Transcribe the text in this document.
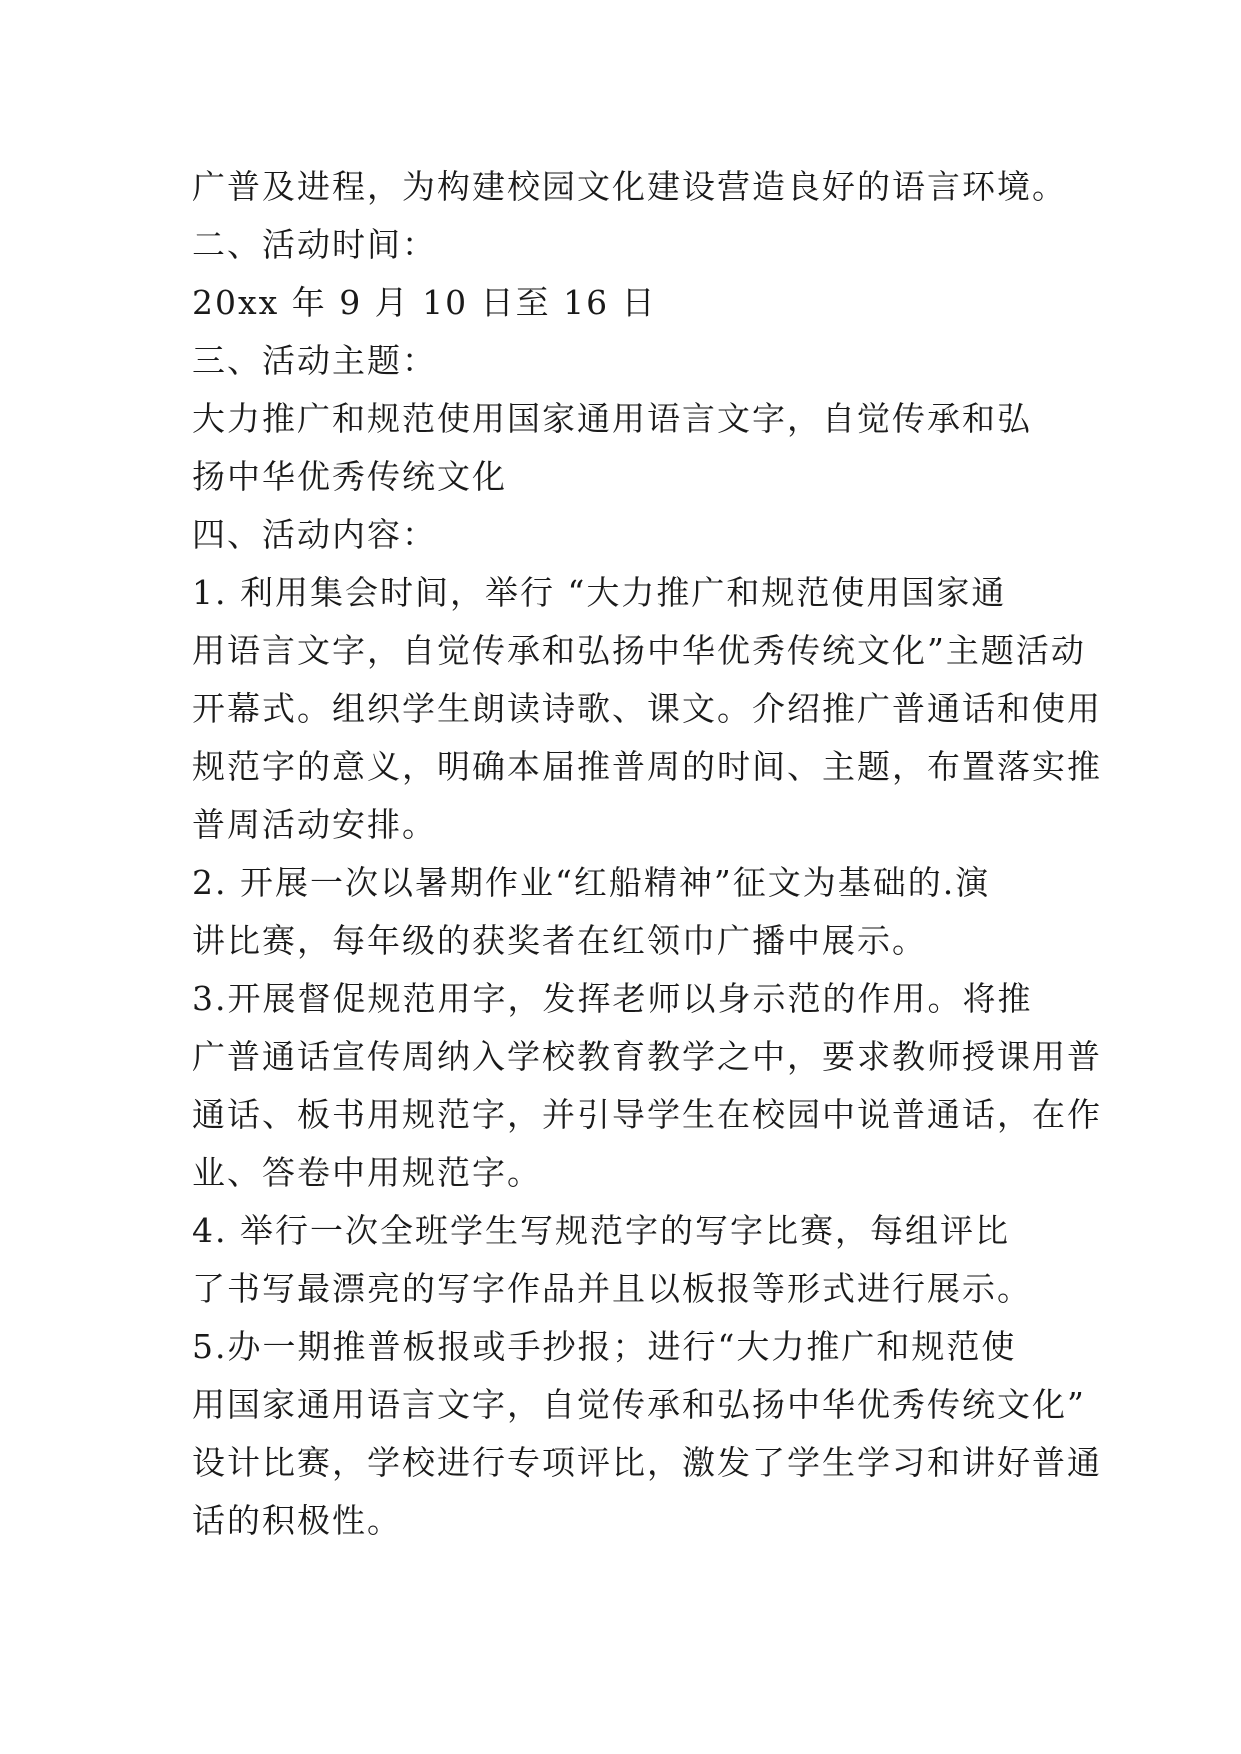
广普及进程，为构建校园文化建设营造良好的语言环境。
二、活动时间：
20xx 年 9 月 10 日至 16 日
三、活动主题：
大力推广和规范使用国家通用语言文字，自觉传承和弘
扬中华优秀传统文化
四、活动内容：
1. 利用集会时间，举行 “大力推广和规范使用国家通
用语言文字，自觉传承和弘扬中华优秀传统文化”主题活动
开幕式。组织学生朗读诗歌、课文。介绍推广普通话和使用
规范字的意义，明确本届推普周的时间、主题，布置落实推
普周活动安排。
2. 开展一次以暑期作业“红船精神”征文为基础的.演
讲比赛，每年级的获奖者在红领巾广播中展示。
3.开展督促规范用字，发挥老师以身示范的作用。将推
广普通话宣传周纳入学校教育教学之中，要求教师授课用普
通话、板书用规范字，并引导学生在校园中说普通话，在作
业、答卷中用规范字。
4. 举行一次全班学生写规范字的写字比赛，每组评比
了书写最漂亮的写字作品并且以板报等形式进行展示。
5.办一期推普板报或手抄报；进行“大力推广和规范使
用国家通用语言文字，自觉传承和弘扬中华优秀传统文化”
设计比赛，学校进行专项评比，激发了学生学习和讲好普通
话的积极性。
